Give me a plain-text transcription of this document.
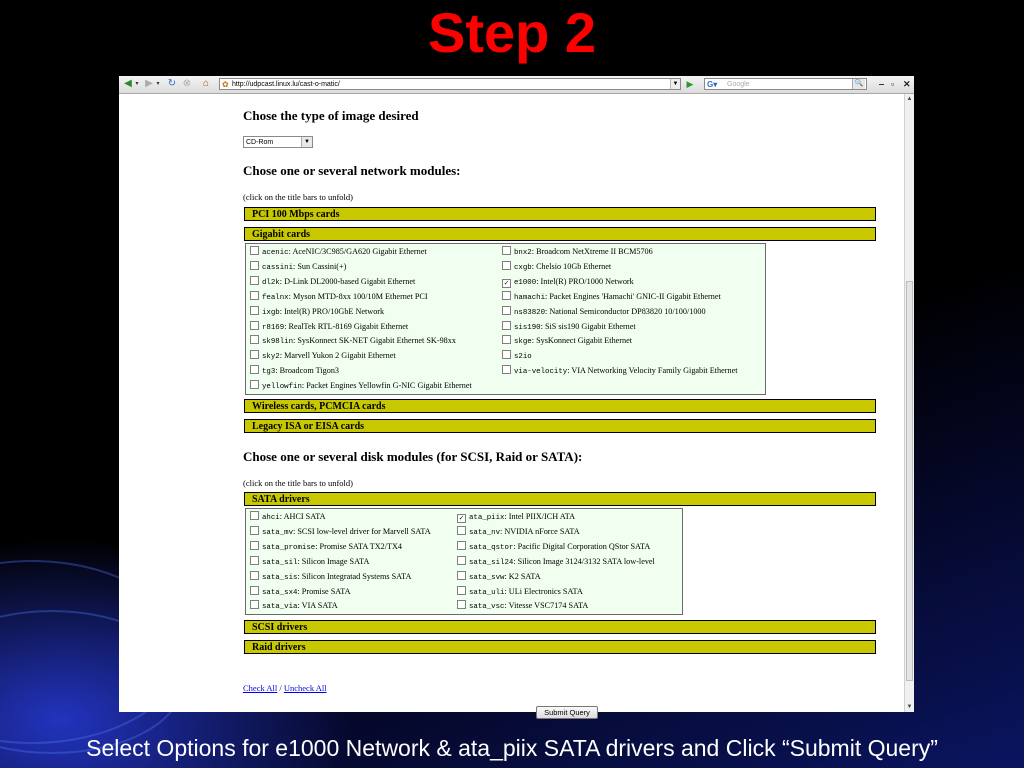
Step 2
◀ ▾ ▶ ▾ ↻ ⊗	⌂	✿ http://udpcast.linux.lu/cast-o-matic/	▼ ▶	G▾ Google	🔍 ‒ ▫ ✕
Chose the type of image desired
CD-Rom	▼
Chose one or several network modules:
(click on the title bars to unfold)
PCI 100 Mbps cards
Gigabit cards
acenic: AceNIC/3C985/GA620 Gigabit Ethernet	bnx2: Broadcom NetXtreme II BCM5706
cassini: Sun Cassini(+)	cxgb: Chelsio 10Gb Ethernet
dl2k: D-Link DL2000-based Gigabit Ethernet	✓ e1000: Intel(R) PRO/1000 Network
fealnx: Myson MTD-8xx 100/10M Ethernet PCI	hamachi: Packet Engines 'Hamachi' GNIC-II Gigabit Ethernet
ixgb: Intel(R) PRO/10GbE Network	ns83820: National Semiconductor DP83820 10/100/1000
r8169: RealTek RTL-8169 Gigabit Ethernet	sis190: SiS sis190 Gigabit Ethernet
sk98lin: SysKonnect SK-NET Gigabit Ethernet SK-98xx	skge: SysKonnect Gigabit Ethernet
sky2: Marvell Yukon 2 Gigabit Ethernet	s2io
tg3: Broadcom Tigon3	via-velocity: VIA Networking Velocity Family Gigabit Ethernet
yellowfin: Packet Engines Yellowfin G-NIC Gigabit Ethernet
Wireless cards, PCMCIA cards
Legacy ISA or EISA cards
Chose one or several disk modules (for SCSI, Raid or SATA):
(click on the title bars to unfold)
SATA drivers
ahci: AHCI SATA	✓ ata_piix: Intel PIIX/ICH ATA
sata_mv: SCSI low-level driver for Marvell SATA	sata_nv: NVIDIA nForce SATA
sata_promise: Promise SATA TX2/TX4	sata_qstor: Pacific Digital Corporation QStor SATA
sata_sil: Silicon Image SATA	sata_sil24: Silicon Image 3124/3132 SATA low-level
sata_sis: Silicon Integratad Systems SATA	sata_svw: K2 SATA
sata_sx4: Promise SATA	sata_uli: ULi Electronics SATA
sata_via: VIA SATA	sata_vsc: Vitesse VSC7174 SATA
SCSI drivers
Raid drivers
Check All / Uncheck All
Submit Query
▲
▼
Select Options for e1000 Network & ata_piix SATA drivers and Click “Submit Query”
